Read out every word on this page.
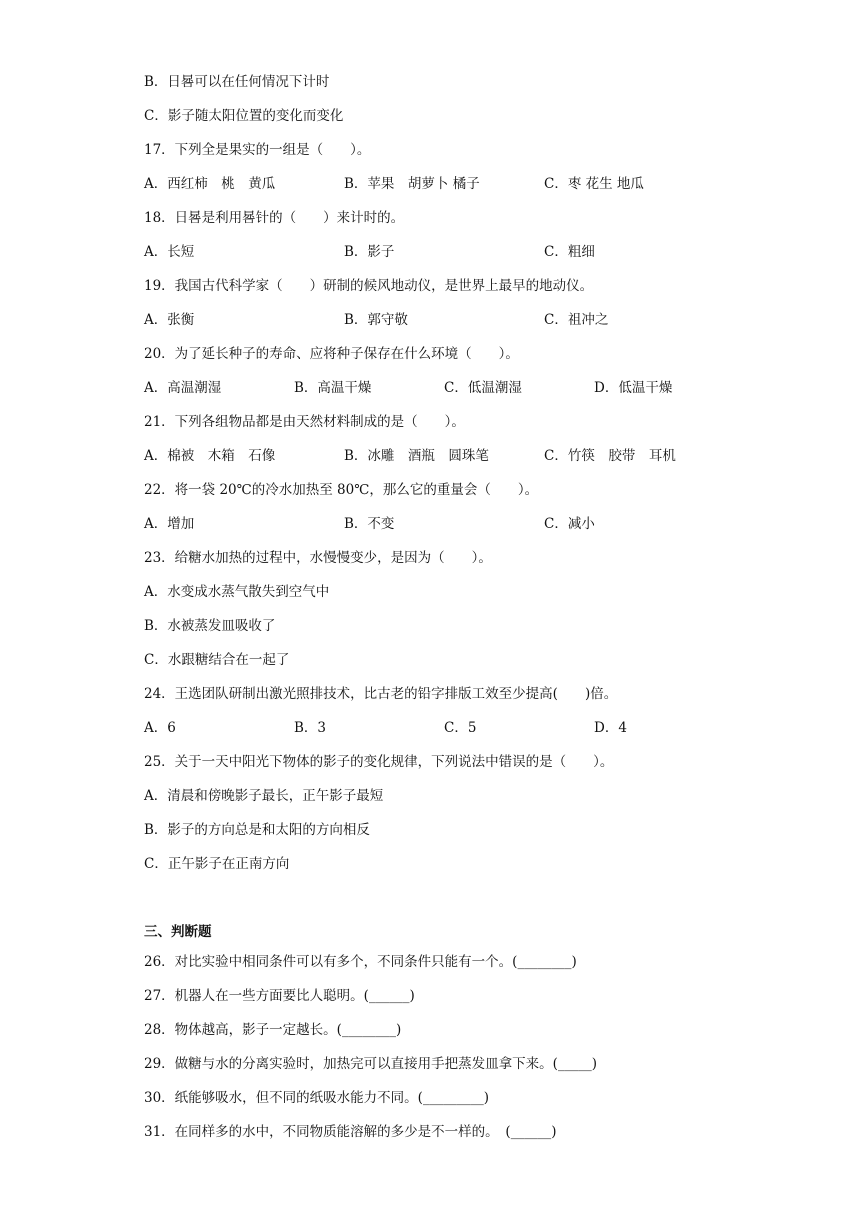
B．日晷可以在任何情况下计时
C．影子随太阳位置的变化而变化
17．下列全是果实的一组是（　　）。
A．西红柿　桃　黄瓜	B．苹果　胡萝卜 橘子	C．枣 花生 地瓜
18．日晷是利用晷针的（　　）来计时的。
A．长短	B．影子	C．粗细
19．我国古代科学家（　　）研制的候风地动仪，是世界上最早的地动仪。
A．张衡	B．郭守敬	C．祖冲之
20．为了延长种子的寿命、应将种子保存在什么环境（　　）。
A．高温潮湿	B．高温干燥	C．低温潮湿	D．低温干燥
21．下列各组物品都是由天然材料制成的是（　　）。
A．棉被　木箱　石像	B．冰雕　酒瓶　圆珠笔	C．竹筷　胶带　耳机
22．将一袋 20℃的冷水加热至 80℃，那么它的重量会（　　）。
A．增加	B．不变	C．减小
23．给糖水加热的过程中，水慢慢变少，是因为（　　）。
A．水变成水蒸气散失到空气中
B．水被蒸发皿吸收了
C．水跟糖结合在一起了
24．王选团队研制出激光照排技术，比古老的铅字排版工效至少提高(　　)倍。
A．6	B．3	C．5	D．4
25．关于一天中阳光下物体的影子的变化规律，下列说法中错误的是（　　）。
A．清晨和傍晚影子最长，正午影子最短
B．影子的方向总是和太阳的方向相反
C．正午影子在正南方向
三、判断题
26．对比实验中相同条件可以有多个，不同条件只能有一个。(________)
27．机器人在一些方面要比人聪明。(______)
28．物体越高，影子一定越长。(________)
29．做糖与水的分离实验时，加热完可以直接用手把蒸发皿拿下来。(_____)
30．纸能够吸水，但不同的纸吸水能力不同。(_________)
31．在同样多的水中，不同物质能溶解的多少是不一样的。　(______)
